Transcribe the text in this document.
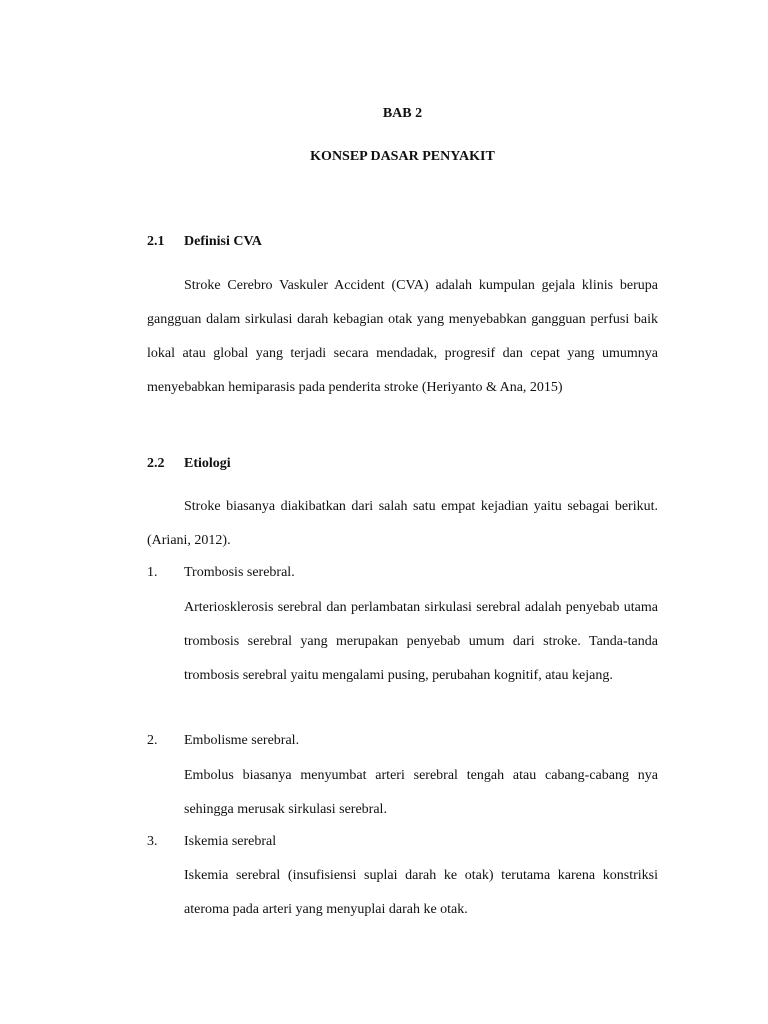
BAB 2
KONSEP DASAR PENYAKIT
2.1 Definisi CVA
Stroke Cerebro Vaskuler Accident (CVA) adalah kumpulan gejala klinis berupa gangguan dalam sirkulasi darah kebagian otak yang menyebabkan gangguan perfusi baik lokal atau global yang terjadi secara mendadak, progresif dan cepat yang umumnya menyebabkan hemiparasis pada penderita stroke (Heriyanto & Ana, 2015)
2.2 Etiologi
Stroke biasanya diakibatkan dari salah satu empat kejadian yaitu sebagai berikut. (Ariani, 2012).
1. Trombosis serebral.
Arteriosklerosis serebral dan perlambatan sirkulasi serebral adalah penyebab utama trombosis serebral yang merupakan penyebab umum dari stroke. Tanda-tanda trombosis serebral yaitu mengalami pusing, perubahan kognitif, atau kejang.
2. Embolisme serebral.
Embolus biasanya menyumbat arteri serebral tengah atau cabang-cabang nya sehingga merusak sirkulasi serebral.
3. Iskemia serebral
Iskemia serebral (insufisiensi suplai darah ke otak) terutama karena konstriksi ateroma pada arteri yang menyuplai darah ke otak.
